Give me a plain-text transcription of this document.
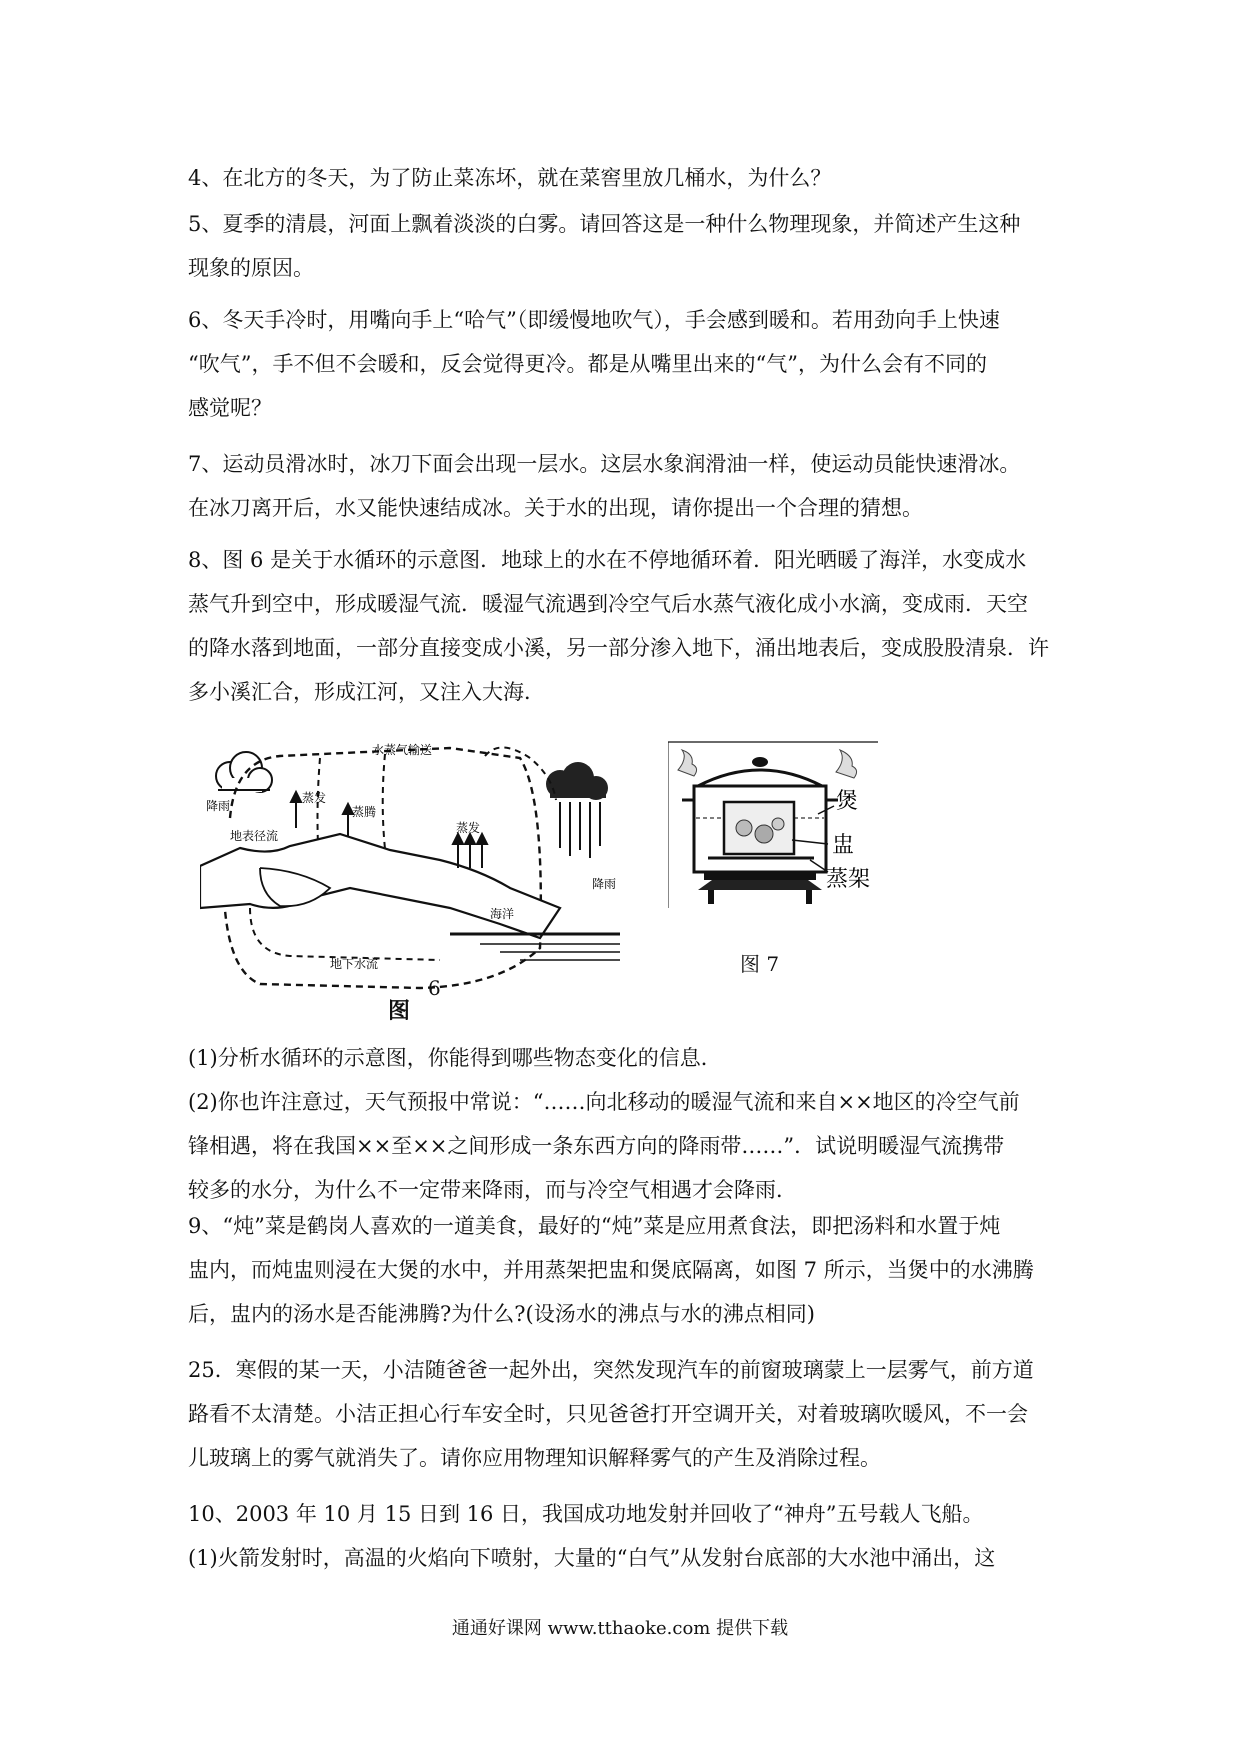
4、在北方的冬天，为了防止菜冻坏，就在菜窖里放几桶水，为什么？

5、夏季的清晨，河面上飘着淡淡的白雾。请回答这是一种什么物理现象，并简述产生这种
现象的原因。

6、冬天手冷时，用嘴向手上“哈气”（即缓慢地吹气），手会感到暖和。若用劲向手上快速
“吹气”，手不但不会暖和，反会觉得更冷。都是从嘴里出来的“气”，为什么会有不同的
感觉呢？

7、运动员滑冰时，冰刀下面会出现一层水。这层水象润滑油一样，使运动员能快速滑冰。
在冰刀离开后，水又能快速结成冰。关于水的出现，请你提出一个合理的猜想。

8、图 6 是关于水循环的示意图．地球上的水在不停地循环着．阳光晒暖了海洋，水变成水
蒸气升到空中，形成暖湿气流．暖湿气流遇到冷空气后水蒸气液化成小水滴，变成雨．天空
的降水落到地面，一部分直接变成小溪，另一部分渗入地下，涌出地表后，变成股股清泉．许
多小溪汇合，形成江河，又注入大海．

水蒸气输送
降雨
蒸发
蒸腾
地表径流
蒸发
降雨
海洋
地下水流
6
图
煲
盅
蒸架
图 7

(1)分析水循环的示意图，你能得到哪些物态变化的信息．
(2)你也许注意过，天气预报中常说：“……向北移动的暖湿气流和来自××地区的冷空气前
锋相遇，将在我国××至××之间形成一条东西方向的降雨带……”．试说明暖湿气流携带
较多的水分，为什么不一定带来降雨，而与冷空气相遇才会降雨．

9、“炖”菜是鹤岗人喜欢的一道美食，最好的“炖”菜是应用煮食法，即把汤料和水置于炖
盅内，而炖盅则浸在大煲的水中，并用蒸架把盅和煲底隔离，如图 7 所示，当煲中的水沸腾
后，盅内的汤水是否能沸腾?为什么?(设汤水的沸点与水的沸点相同)

25．寒假的某一天，小洁随爸爸一起外出，突然发现汽车的前窗玻璃蒙上一层雾气，前方道
路看不太清楚。小洁正担心行车安全时，只见爸爸打开空调开关，对着玻璃吹暖风，不一会
儿玻璃上的雾气就消失了。请你应用物理知识解释雾气的产生及消除过程。

10、2003 年 10 月 15 日到 16 日，我国成功地发射并回收了“神舟”五号载人飞船。
(1)火箭发射时，高温的火焰向下喷射，大量的“白气”从发射台底部的大水池中涌出，这

通通好课网 www.tthaoke.com 提供下载
